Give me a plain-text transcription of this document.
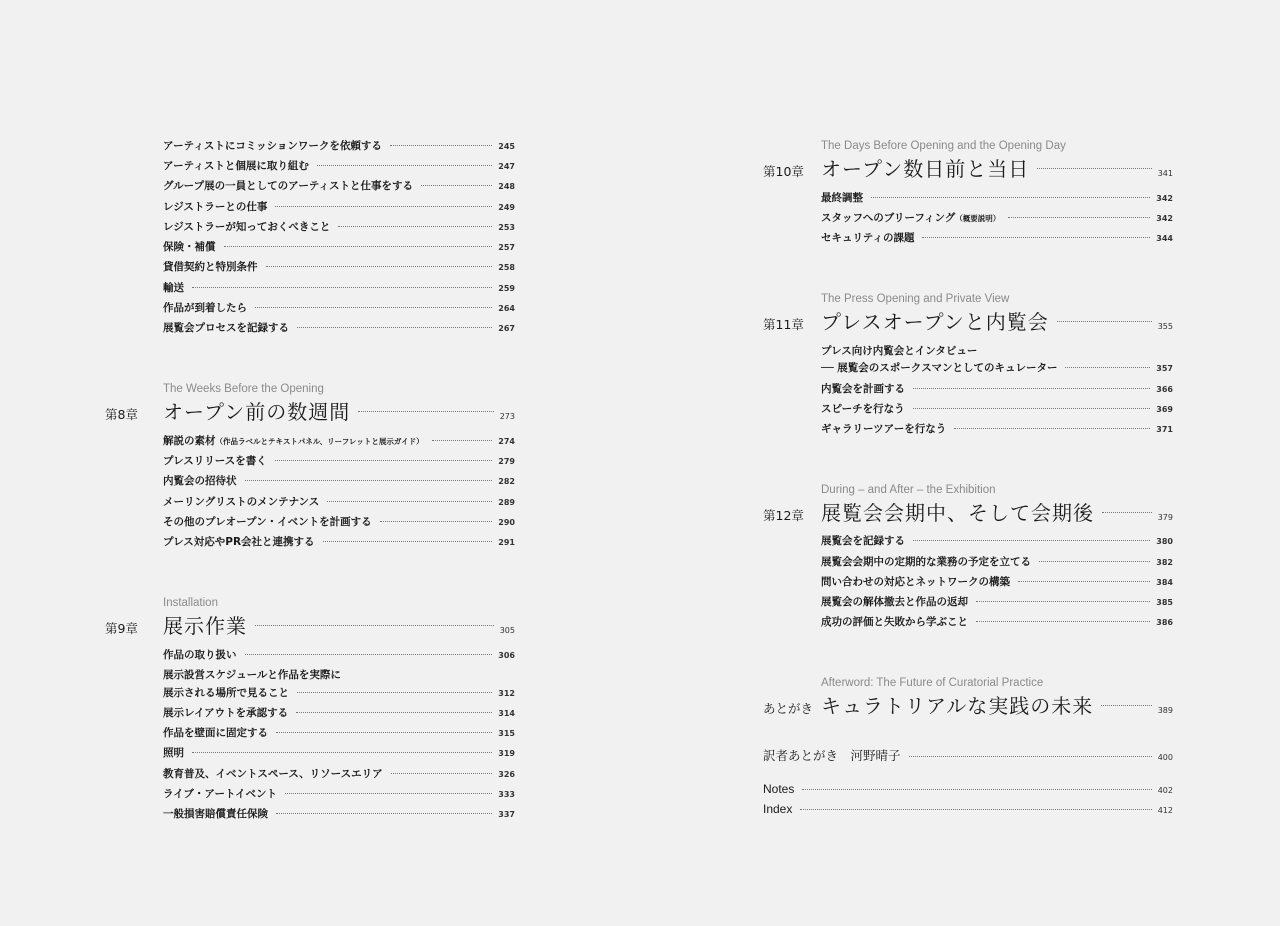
アーティストにコミッションワークを依頼する	245
アーティストと個展に取り組む	247
グループ展の一員としてのアーティストと仕事をする	248
レジストラーとの仕事	249
レジストラーが知っておくべきこと	253
保険・補償	257
貸借契約と特別条件	258
輸送	259
作品が到着したら	264
展覧会プロセスを記録する	267
The Weeks Before the Opening
第8章	オープン前の数週間	273
解説の素材（作品ラベルとテキストパネル、リーフレットと展示ガイド）	274
プレスリリースを書く	279
内覧会の招待状	282
メーリングリストのメンテナンス	289
その他のプレオープン・イベントを計画する	290
プレス対応やPR会社と連携する	291
Installation
第9章	展示作業	305
作品の取り扱い	306
展示設営スケジュールと作品を実際に
展示される場所で見ること	312
展示レイアウトを承認する	314
作品を壁面に固定する	315
照明	319
教育普及、イベントスペース、リソースエリア	326
ライブ・アートイベント	333
一般損害賠償責任保険	337
The Days Before Opening and the Opening Day
第10章 オープン数日前と当日	341
最終調整	342
スタッフへのブリーフィング（概要説明）	342
セキュリティの課題	344
The Press Opening and Private View
第11章 プレスオープンと内覧会	355
プレス向け内覧会とインタビュー
── 展覧会のスポークスマンとしてのキュレーター	357
内覧会を計画する	366
スピーチを行なう	369
ギャラリーツアーを行なう	371
During – and After – the Exhibition
第12章 展覧会会期中、そして会期後	379
展覧会を記録する	380
展覧会会期中の定期的な業務の予定を立てる	382
問い合わせの対応とネットワークの構築	384
展覧会の解体撤去と作品の返却	385
成功の評価と失敗から学ぶこと	386
Afterword: The Future of Curatorial Practice
あとがき キュラトリアルな実践の未来	389
訳者あとがき　河野晴子	400
Notes	402
Index	412
